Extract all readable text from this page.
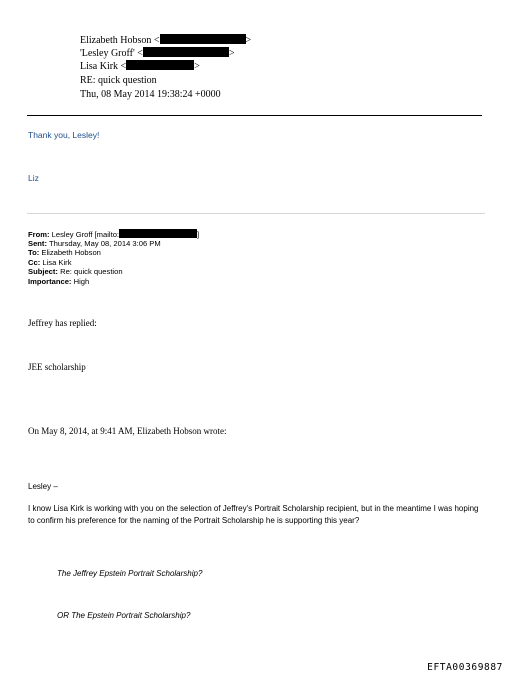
Elizabeth Hobson <	>
'Lesley Groff' <	>
Lisa Kirk <	>
RE: quick question
Thu, 08 May 2014 19:38:24 +0000
Thank you, Lesley!
Liz
From: Lesley Groff [mailto:	]
Sent: Thursday, May 08, 2014 3:06 PM
To: Elizabeth Hobson
Cc: Lisa Kirk
Subject: Re: quick question
Importance: High
Jeffrey has replied:
JEE scholarship
On May 8, 2014, at 9:41 AM, Elizabeth Hobson wrote:
Lesley –
I know Lisa Kirk is working with you on the selection of Jeffrey's Portrait Scholarship recipient, but in the meantime I was hoping to confirm his preference for the naming of the Portrait Scholarship he is supporting this year?
The Jeffrey Epstein Portrait Scholarship?
OR The Epstein Portrait Scholarship?
EFTA00369887
